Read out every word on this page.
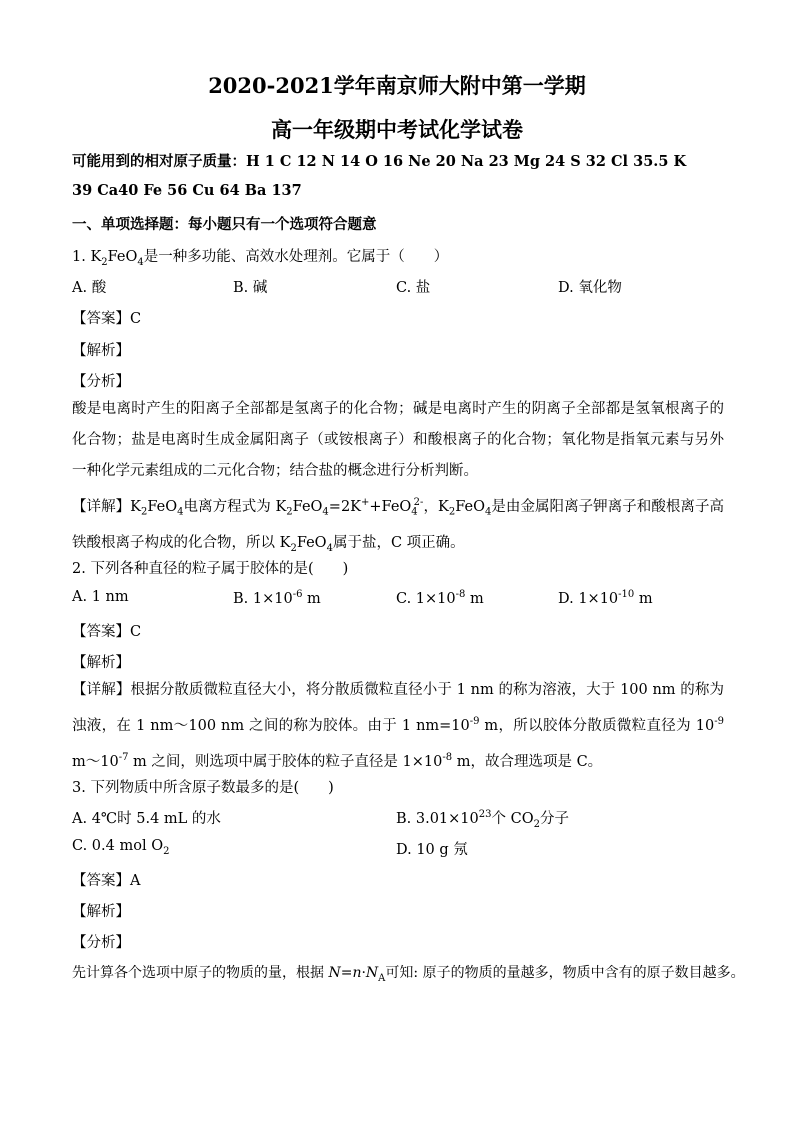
2020-2021学年南京师大附中第一学期
高一年级期中考试化学试卷
可能用到的相对原子质量：H 1 C 12 N 14 O 16 Ne 20 Na 23 Mg 24 S 32 Cl 35.5 K
39 Ca40 Fe 56 Cu 64 Ba 137
一、单项选择题：每小题只有一个选项符合题意
1. $K_2FeO_4$是一种多功能、高效水处理剂。它属于（　　）
A. 酸	B. 碱	C. 盐	D. 氧化物
【答案】C
【解析】
【分析】
酸是电离时产生的阳离子全部都是氢离子的化合物；碱是电离时产生的阴离子全部都是氢氧根离子的化合物；盐是电离时生成金属阳离子（或铵根离子）和酸根离子的化合物；氧化物是指氧元素与另外一种化学元素组成的二元化合物；结合盐的概念进行分析判断。
【详解】$K_2FeO_4$电离方程式为 $K_2FeO_4=2K^++FeO_4^{2-}$，$K_2FeO_4$是由金属阳离子钾离子和酸根离子高铁酸根离子构成的化合物，所以 $K_2FeO_4$属于盐，C 项正确。
2. 下列各种直径的粒子属于胶体的是(　　)
A. 1 nm	B. $1\times 10^{-6}$ m	C. $1\times 10^{-8}$ m	D. $1\times 10^{-10}$ m
【答案】C
【解析】
【详解】根据分散质微粒直径大小，将分散质微粒直径小于 1 nm 的称为溶液，大于 100 nm 的称为浊液，在 1 nm～100 nm 之间的称为胶体。由于 1 $nm=10^{-9}$ m，所以胶体分散质微粒直径为 $10^{-9}$ $m\sim 10^{-7}$ m 之间，则选项中属于胶体的粒子直径是 $1\times 10^{-8}$ m，故合理选项是 C。
3. 下列物质中所含原子数最多的是(　　)
A. 4℃时 5.4 mL 的水	B. $3.01\times 10^{23}$个 $CO_2$分子
C. 0.4 mol $O_2$	D. 10 g 氖
【答案】A
【解析】
【分析】
先计算各个选项中原子的物质的量，根据 $N=n\cdot N_A$可知: 原子的物质的量越多，物质中含有的原子数目越多。
